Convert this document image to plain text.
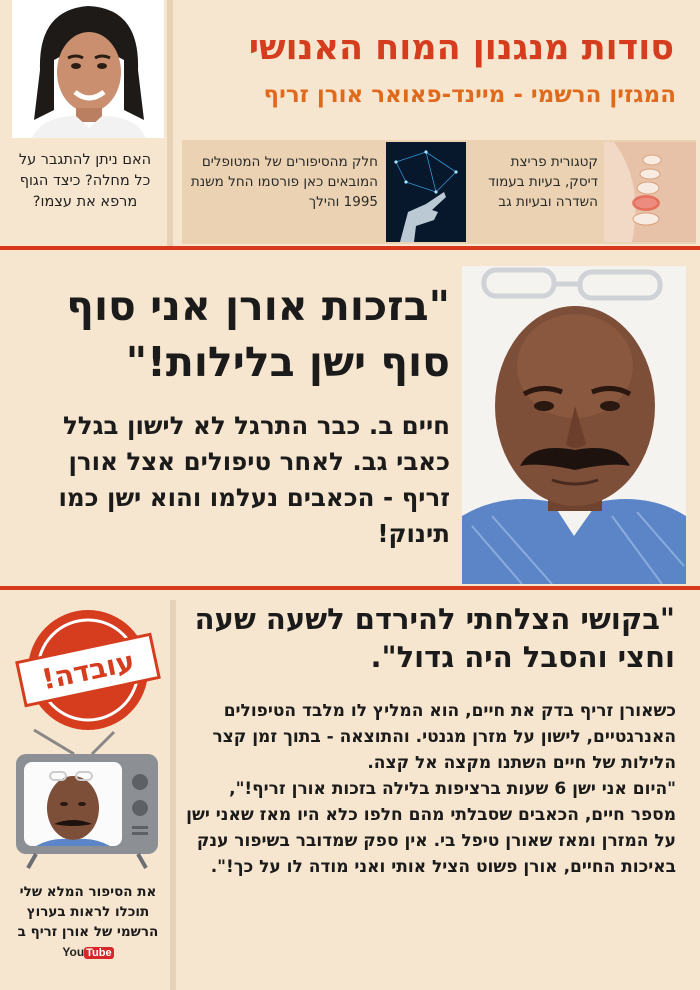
סודות מנגנון המוח האנושי
המגזין הרשמי - מיינד-פאואר אורן זריף
האם ניתן להתגבר על כל מחלה? כיצד הגוף מרפא את עצמו?
קטגורית פריצת דיסק, בעיות בעמוד השדרה ובעיות גב
חלק מהסיפורים של המטופלים המובאים כאן פורסמו החל משנת 1995 והילך
"בזכות אורן אני סוף סוף ישן בלילות!"
חיים ב. כבר התרגל לא לישון בגלל כאבי גב. לאחר טיפולים אצל אורן זריף - הכאבים נעלמו והוא ישן כמו תינוק!
"בקושי הצלחתי להירדם לשעה שעה וחצי והסבל היה גדול".
כשאורן זריף בדק את חיים, הוא המליץ לו מלבד הטיפולים האנרגטיים, לישון על מזרן מגנטי. והתוצאה - בתוך זמן קצר הלילות של חיים השתנו מקצה אל קצה.
"היום אני ישן 6 שעות ברציפות בלילה בזכות אורן זריף!", מספר חיים, הכאבים שסבלתי מהם חלפו כלא היו מאז שאני ישן על המזרן ומאז שאורן טיפל בי. אין ספק שמדובר בשיפור ענק באיכות החיים, אורן פשוט הציל אותי ואני מודה לו על כך!".
עובדה!
את הסיפור המלא שלי תוכלו לראות בערוץ הרשמי של אורן זריף ב You Tube
